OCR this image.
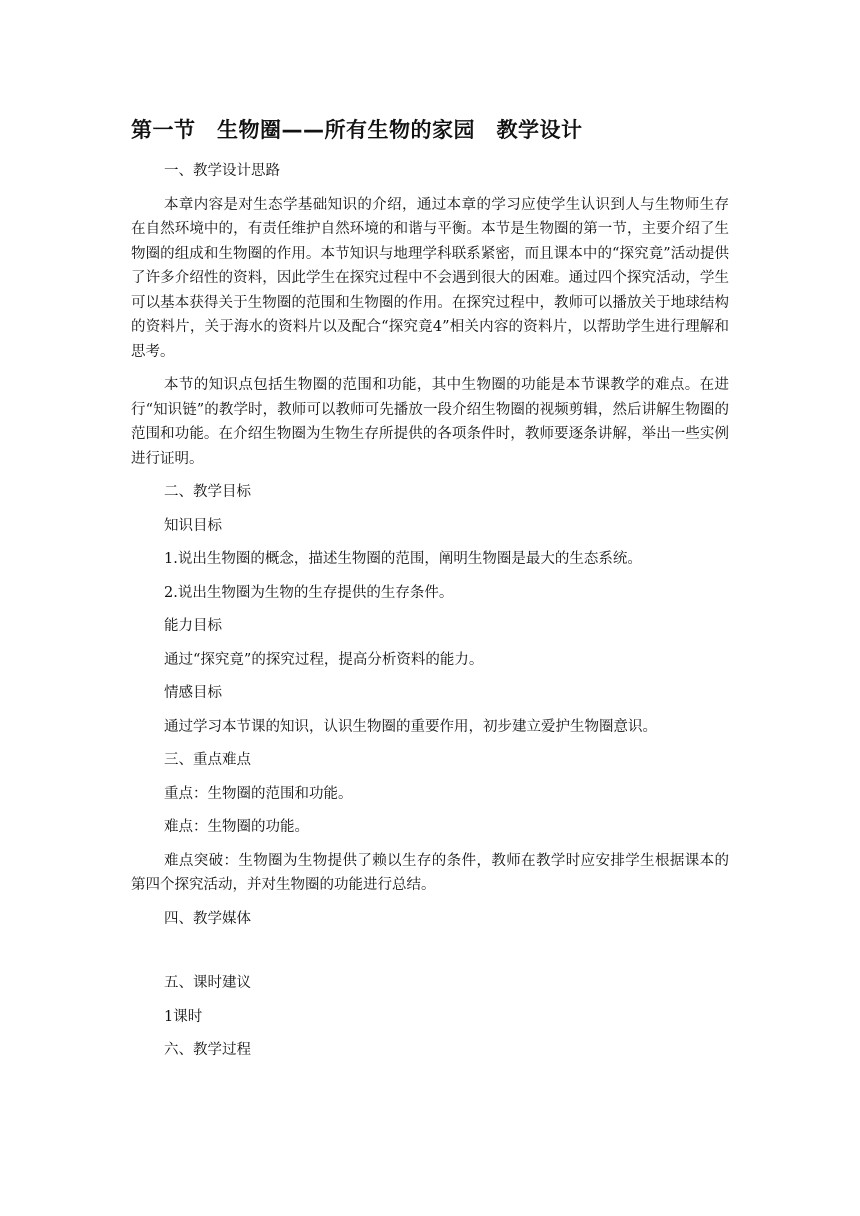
第一节　生物圈——所有生物的家园　教学设计

一、教学设计思路

本章内容是对生态学基础知识的介绍，通过本章的学习应使学生认识到人与生物师生存在自然环境中的，有责任维护自然环境的和谐与平衡。本节是生物圈的第一节，主要介绍了生物圈的组成和生物圈的作用。本节知识与地理学科联系紧密，而且课本中的“探究竟”活动提供了许多介绍性的资料，因此学生在探究过程中不会遇到很大的困难。通过四个探究活动，学生可以基本获得关于生物圈的范围和生物圈的作用。在探究过程中，教师可以播放关于地球结构的资料片，关于海水的资料片以及配合“探究竟4”相关内容的资料片，以帮助学生进行理解和思考。

本节的知识点包括生物圈的范围和功能，其中生物圈的功能是本节课教学的难点。在进行“知识链”的教学时，教师可以教师可先播放一段介绍生物圈的视频剪辑，然后讲解生物圈的范围和功能。在介绍生物圈为生物生存所提供的各项条件时，教师要逐条讲解，举出一些实例进行证明。

二、教学目标

知识目标

1.说出生物圈的概念，描述生物圈的范围，阐明生物圈是最大的生态系统。

2.说出生物圈为生物的生存提供的生存条件。

能力目标

通过“探究竟”的探究过程，提高分析资料的能力。

情感目标

通过学习本节课的知识，认识生物圈的重要作用，初步建立爱护生物圈意识。

三、重点难点

重点：生物圈的范围和功能。

难点：生物圈的功能。

难点突破：生物圈为生物提供了赖以生存的条件，教师在教学时应安排学生根据课本的第四个探究活动，并对生物圈的功能进行总结。

四、教学媒体

五、课时建议

1课时

六、教学过程
